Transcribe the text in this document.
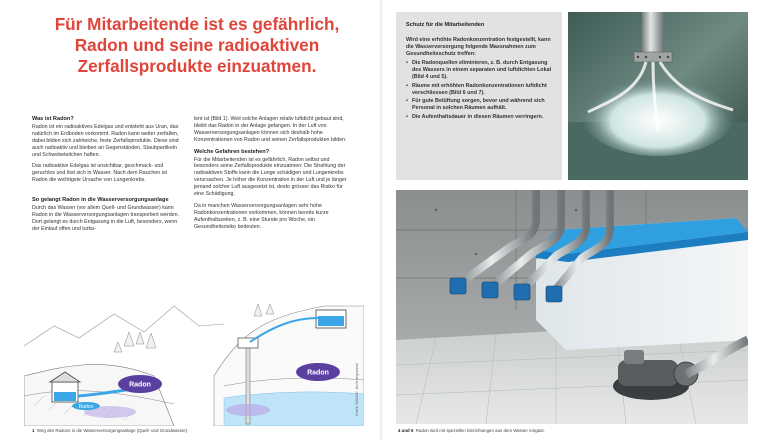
Für Mitarbeitende ist es gefährlich, Radon und seine radioaktiven Zerfallsprodukte einzuatmen.
Was ist Radon?

Radon ist ein radioaktives Edelgas und entsteht aus Uran, das natürlich im Erdboden vorkommt. Radon kann weiter zerfallen, dabei bilden sich zahlreiche, feste Zerfallsprodukte. Diese sind auch radioaktiv und bleiben an Gegenständen, Staubpartikeln und Schwebeteilchen haften.

Das radioaktive Edelgas ist unsichtbar, geschmack- und geruchlos und löst sich in Wasser. Nach dem Rauchen ist Radon die wichtigste Ursache von Lungenkrebs.

So gelangt Radon in die Wasserversorgungsanlage

Durch das Wasser (vor allem Quell- und Grundwasser) kann Radon in die Wasserversorgungsanlagen transportiert werden. Dort gelangt es durch Entgasung in die Luft, besonders, wenn der Einlauf offen und turbu-

lent ist (Bild 1). Weil solche Anlagen relativ luftdicht gebaut sind, bleibt das Radon in der Anlage gefangen. In der Luft von Wasserversorgungsanlagen können sich deshalb hohe Konzentrationen von Radon und seinen Zerfallsprodukten bilden.

Welche Gefahren bestehen?

Für die Mitarbeitenden ist es gefährlich, Radon selbst und besonders seine Zerfallsprodukte einzuatmen: Die Strahlung der radioaktiven Stoffe kann die Lunge schädigen und Lungenkrebs verursachen. Je höher die Konzentration in der Luft und je länger jemand solcher Luft ausgesetzt ist, desto grösser das Risiko für eine Schädigung.

Da in manchen Wasserversorgungsanlagen sehr hohe Radonkonzentrationen vorkommen, können bereits kurze Aufenthaltszeiten, z. B. eine Stunde pro Woche, ein Gesundheitsrisiko bedeuten.

Radon
Radon
Radon	Grafik: EAWAG, leicht angepasst
1 Weg des Radons in die Wasserversorgungsanlage (Quell- und Grundwasser).
Schutz für die Mitarbeitenden

Wird eine erhöhte Radonkonzentration festgestellt, kann die Wasserversorgung folgende Massnahmen zum Gesundheitsschutz treffen:

• Die Radonquellen eliminieren, z. B. durch Entgasung des Wassers in einem separaten und luftdichten Lokal (Bild 4 und 5).
• Räume mit erhöhten Radonkonzentrationen luftdicht verschliessen (Bild 6 und 7).
• Für gute Belüftung sorgen, bevor und während sich Personal in solchen Räumen aufhält.
• Die Aufenthaltsdauer in diesen Räumen verringern.
4 und 5 Radon wird mit speziellen Einrichtungen aus dem Wasser entgast.
